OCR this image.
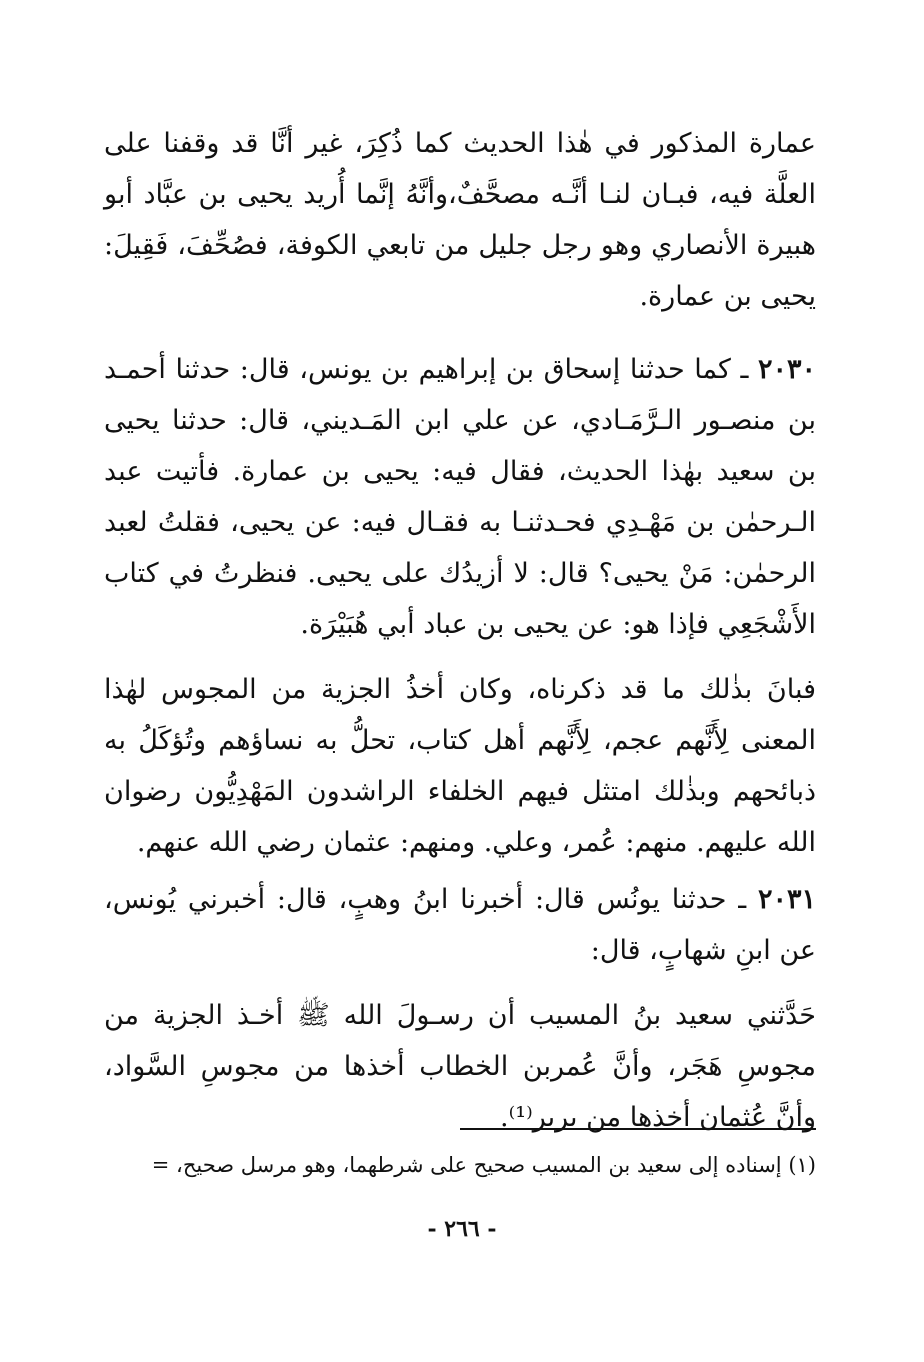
عمارة المذكور في هٰذا الحديث كما ذُكِرَ، غير أنَّا قد وقفنا على العلَّة فيه، فبـان لنـا أنَّـه مصحَّفٌ،وأنَّهُ إنَّما أُريد يحيى بن عبَّاد أبو هبيرة الأنصاري وهو رجل جليل من تابعي الكوفة، فصُحِّفَ، فَقِيلَ: يحيى بن عمارة.

٢٠٣٠ ـ كما حدثنا إسحاق بن إبراهيم بن يونس، قال: حدثنا أحمـد بن منصـور الـرَّمَـادي، عن علي ابن المَـديني، قال: حدثنا يحيى بن سعيد بهٰذا الحديث، فقال فيه: يحيى بن عمارة. فأتيت عبد الـرحمٰن بن مَهْـدِي فحـدثنـا به فقـال فيه: عن يحيى، فقلتُ لعبد الرحمٰن: مَنْ يحيى؟ قال: لا أزيدُك على يحيى. فنظرتُ في كتاب الأَشْجَعِي فإذا هو: عن يحيى بن عباد أبي هُبَيْرَة.

فبانَ بذٰلك ما قد ذكرناه، وكان أخذُ الجزية من المجوس لهٰذا المعنى لِأَنَّهم عجم، لِأَنَّهم أهل كتاب، تحلُّ به نساؤهم وتُؤكَلُ به ذبائحهم وبذٰلك امتثل فيهم الخلفاء الراشدون المَهْدِيُّون رضوان الله عليهم. منهم: عُمر، وعلي. ومنهم: عثمان رضي الله عنهم.

٢٠٣١ ـ حدثنا يونُس قال: أخبرنا ابنُ وهبٍ، قال: أخبرني يُونس، عن ابنِ شهابٍ، قال:

حَدَّثني سعيد بنُ المسيب أن رسـولَ الله ﷺ أخـذ الجزية من مجوسِ هَجَر، وأنَّ عُمربن الخطاب أخذها من مجوسِ السَّواد، وأنَّ عُثمان أخذها من بربر⁽¹⁾.

(١) إسناده إلى سعيد بن المسيب صحيح على شرطهما، وهو مرسل صحيح، =
- ٢٦٦ -
